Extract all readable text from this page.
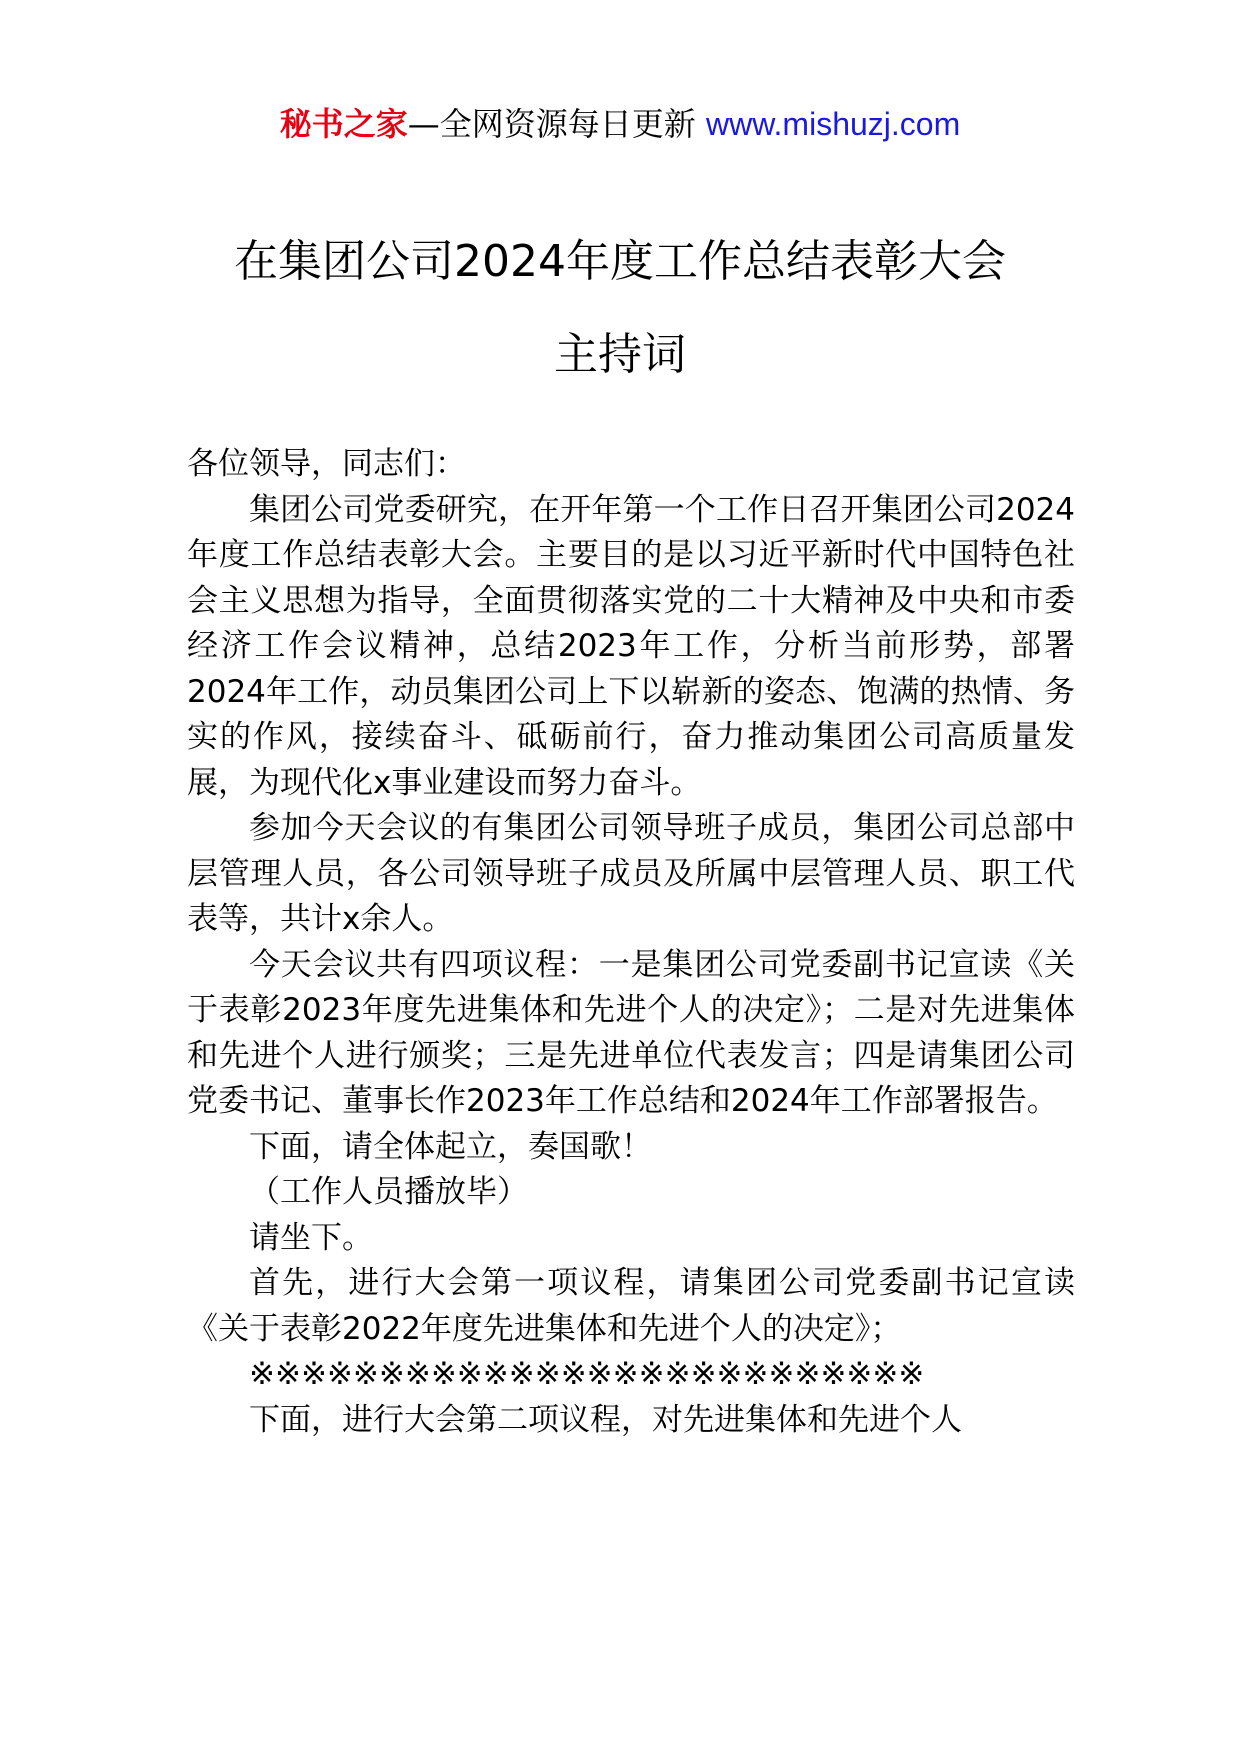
秘书之家—全网资源每日更新 www.mishuzj.com
在集团公司2024年度工作总结表彰大会
主持词

各位领导，同志们：

集团公司党委研究，在开年第一个工作日召开集团公司2024年度工作总结表彰大会。主要目的是以习近平新时代中国特色社会主义思想为指导，全面贯彻落实党的二十大精神及中央和市委经济工作会议精神，总结2023年工作，分析当前形势，部署2024年工作，动员集团公司上下以崭新的姿态、饱满的热情、务实的作风，接续奋斗、砥砺前行，奋力推动集团公司高质量发展，为现代化x事业建设而努力奋斗。

参加今天会议的有集团公司领导班子成员，集团公司总部中层管理人员，各公司领导班子成员及所属中层管理人员、职工代表等，共计x余人。

今天会议共有四项议程：一是集团公司党委副书记宣读《关于表彰2023年度先进集体和先进个人的决定》；二是对先进集体和先进个人进行颁奖；三是先进单位代表发言；四是请集团公司党委书记、董事长作2023年工作总结和2024年工作部署报告。

下面，请全体起立，奏国歌！

（工作人员播放毕）

请坐下。

首先，进行大会第一项议程，请集团公司党委副书记宣读《关于表彰2022年度先进集体和先进个人的决定》；

※※※※※※※※※※※※※※※※※※※※※※※※※※

下面，进行大会第二项议程，对先进集体和先进个人
